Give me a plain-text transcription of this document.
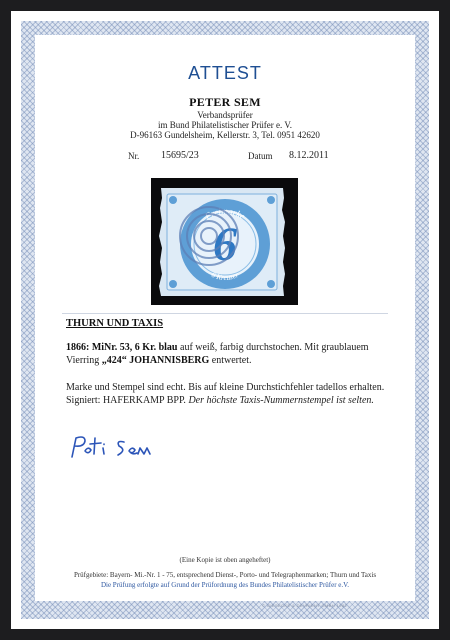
ATTEST
PETER SEM
Verbandsprüfer
im Bund Philatelistischer Prüfer e. V.
D-96163 Gundelsheim, Kellerstr. 3, Tel. 0951 42620
Nr. 15695/23	Datum 8.12.2011
Freimarke
6 Kreuzer
6
THURN UND TAXIS
1866: MiNr. 53, 6 Kr. blau auf weiß, farbig durchstochen. Mit graublauem Vierring „424“ JOHANNISBERG entwertet.
Marke und Stempel sind echt. Bis auf kleine Durchstichfehler tadellos erhalten. Signiert: HAFERKAMP BPP. Der höchste Taxis-Nummernstempel ist selten.
(Eine Kopie ist oben angeheftet)
Prüfgebiete: Bayern- Mi.-Nr. 1 - 75, entsprechend Dienst-, Porto- und Telegraphenmarken; Thurn und Taxis
Die Prüfung erfolgte auf Grund der Prüfordnung des Bundes Philatelistischer Prüfer e.V.
© GIESECKE & DEVRIENT GMBH 1982
